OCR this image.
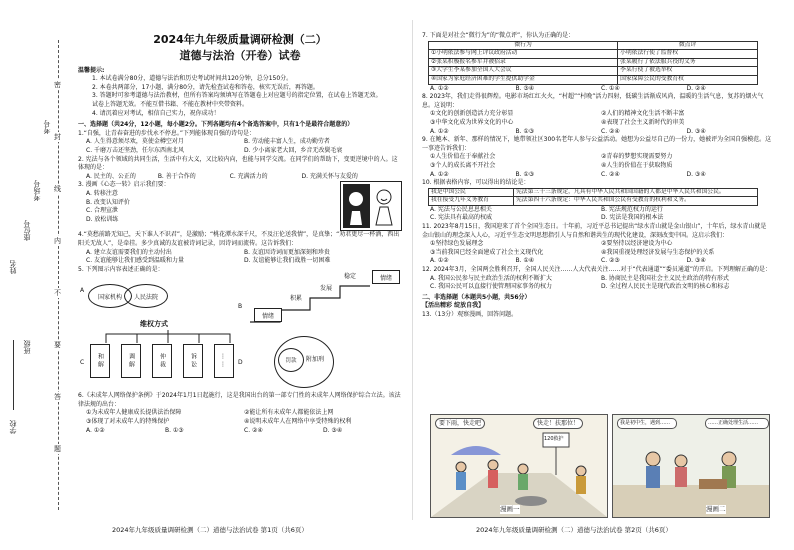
学校
班级
姓名
座位号
考场号
考号
密
封
线
内
不
要
答
题
2024年九年级质量调研检测（二）
道德与法治（开卷）试卷
温馨提示:
1. 本试卷满分80分，道德与法治和历史考试时间共120分钟，总分150分。
2. 本卷共两部分，17小题，满分80分，请先检查试卷和答卷，核实无误后，再答题。
3. 答题时可参考道德与法治教材，但所有答案均须填写在答题卷上对应题号的指定位置，在试卷上答题无效。
试卷上答题无效。不能互借书籍、不能在教材中夹带资料。
4. 请沉着应对考试，相信自己实力，祝你成功！
一、选择题（共24分，12小题，每小题2分。下列各题均有4个备选答案中，只有1个是最符合题意的）
1.“自强，让青春奋进的步伐永不停息。”下列能体现自强的诗句是：
A. 人生得意须尽欢，莫使金樽空对月	B. 劳动能丰富人生，成功勤劳者
C. 千磨万击还坚劲，任尔东西南北风	D. 少小离家老大回，乡音无改鬓毛衰
2. 宪法与各个领域的共同生活，生活中有大义，又比较内向，也能与同学交流。在同学们的帮助下，变更逆境中的人。这体现的是：
A. 民主的、公正的	B. 善于合作的	C. 充满活力的	D. 充满关怀与友爱的
3. 漫画《心态一转》启示我们要：
A. 转移注意
B. 改变认知评价
C. 合理宣泄
D. 放松训练
4.“莫愁前路无知己，天下谁人不识君”，是激励；“桃花潭水深千尺，不及汪伦送我情”，是真挚；“劝君更尽一杯酒，西出阳关无故人”，是牵挂。多少真诚的友谊被诗词记录，因诗词而流传。这告诉我们：
A. 建立友谊需要我们的主动付出	B. 友谊因诗词而更加深刻和珍贵
C. 友谊能够让我们感受到温暖和力量	D. 友谊能够让我们战胜一切困难
5. 下列图示内容表述正确的是：
国家机构	人民法院
A
B
情绪
积累
发展
稳定	情绪
C
维权方式
和解	调解	仲裁	诉讼	……	D	罚款	附加刑
6.《未成年人网络保护条例》于2024年1月1日起施行，这是我国出台的第一部专门性的未成年人网络保护综合立法。该法律法规的出台：
①为未成年人健康成长提供法治保障	②能让所有未成年人都能依法上网
③体现了对未成年人的特殊保护	④说明未成年人在网络中享受特殊的权利
A. ①②	B. ①③	C. ②④	D. ③④
7. 下面是对社会“微行为”的“微点评”，你认为正确的是：
微行为	微点评
①小明依法参与网上评议政府活动	小明依法行使了监督权
②张某积极报名参军并被招录	张某履行了依法服兵役的义务
③大学生李某参加全国人大会议	李某行使了被选举权
④国家为家庭经济困难的学生提供助学金	国家保障公民的受教育权
A. ①②	B. ③④	C. ①④	D. ②④
8. 2023年，我们走得很辉煌。电影市场红红火火，“村超”“村晚”活力四射，低碳生活渐成风尚，温暖的生活气息，复苏的烟火气息。这说明：
①文化的创新创造活力充分彰显	②人们的精神文化生活不断丰富
③中华文化成为世界文化的中心	④表现了社会主义新时代的审美
A. ①②	B. ①③	C. ②④	D. ③④
9. 在鲍本、新年、那样的情况下，她带领社区300名老年人参与公益活动。她想为公益尽自己的一份力，她被评为全国自强模范。这一事迹告诉我们：
①人生价值在于奉献社会	②青春的梦想实现需要努力
③个人的成长离不开社会	④人生的价值在于获取物质
A. ①②	B. ①③	C. ②④	D. ③④
10. 根据表格内容，可以得出的结论是：
我是中国公民	宪法第三十三条规定，凡具有中华人民共和国国籍的人都是中华人民共和国公民。
我在接受九年义务教育	宪法第四十六条规定：中华人民共和国公民有受教育的权利和义务。
A. 宪法与公民息息相关	B. 宪法规范权力的运行
C. 宪法具有最高的权威	D. 宪法是我国的根本法
11. 2023年8月15日，我国迎来了首个全国生态日。十年前，习近平总书记提出“绿水青山就是金山银山”，十年后，绿水青山就是金山银山的理念深入人心，习近平生态文明思想指引人与自然和谐共生的现代化建设，深刻改变中国。这启示我们：
①坚持绿色发展理念	②要坚持以经济建设为中心
③当前我国已经全面建成了社会主义现代化	④我国重视处理经济发展与生态保护的关系
A. ①②	B. ①④	C. ②③	D. ③④
12. 2024年3月，全国两会胜利召开，全国人民关注……人大代表关注……对于“代表通道”“委员通道”的开启。下列理解正确的是：
A. 我国公民参与民主政治生活的权利不断扩大	B. 协商民主是我国社会主义民主政治的特有形式
C. 我国公民可以直接行使管理国家事务的权力	D. 全过程人民民主是现代政治文明的核心和标志
二、非选择题（本题共5小题，共56分）
【活出精彩 绽放自我】
13.（13分）观察漫画，回答问题。
要下雨，快走吧	快走！扶那位！
120救护
漫画一
我是初中生，遇到……	……正确处理生活……
漫画二
2024年九年级质量调研检测（二）道德与法治试卷 第1页（共6页）	2024年九年级质量调研检测（二）道德与法治试卷 第2页（共6页）
